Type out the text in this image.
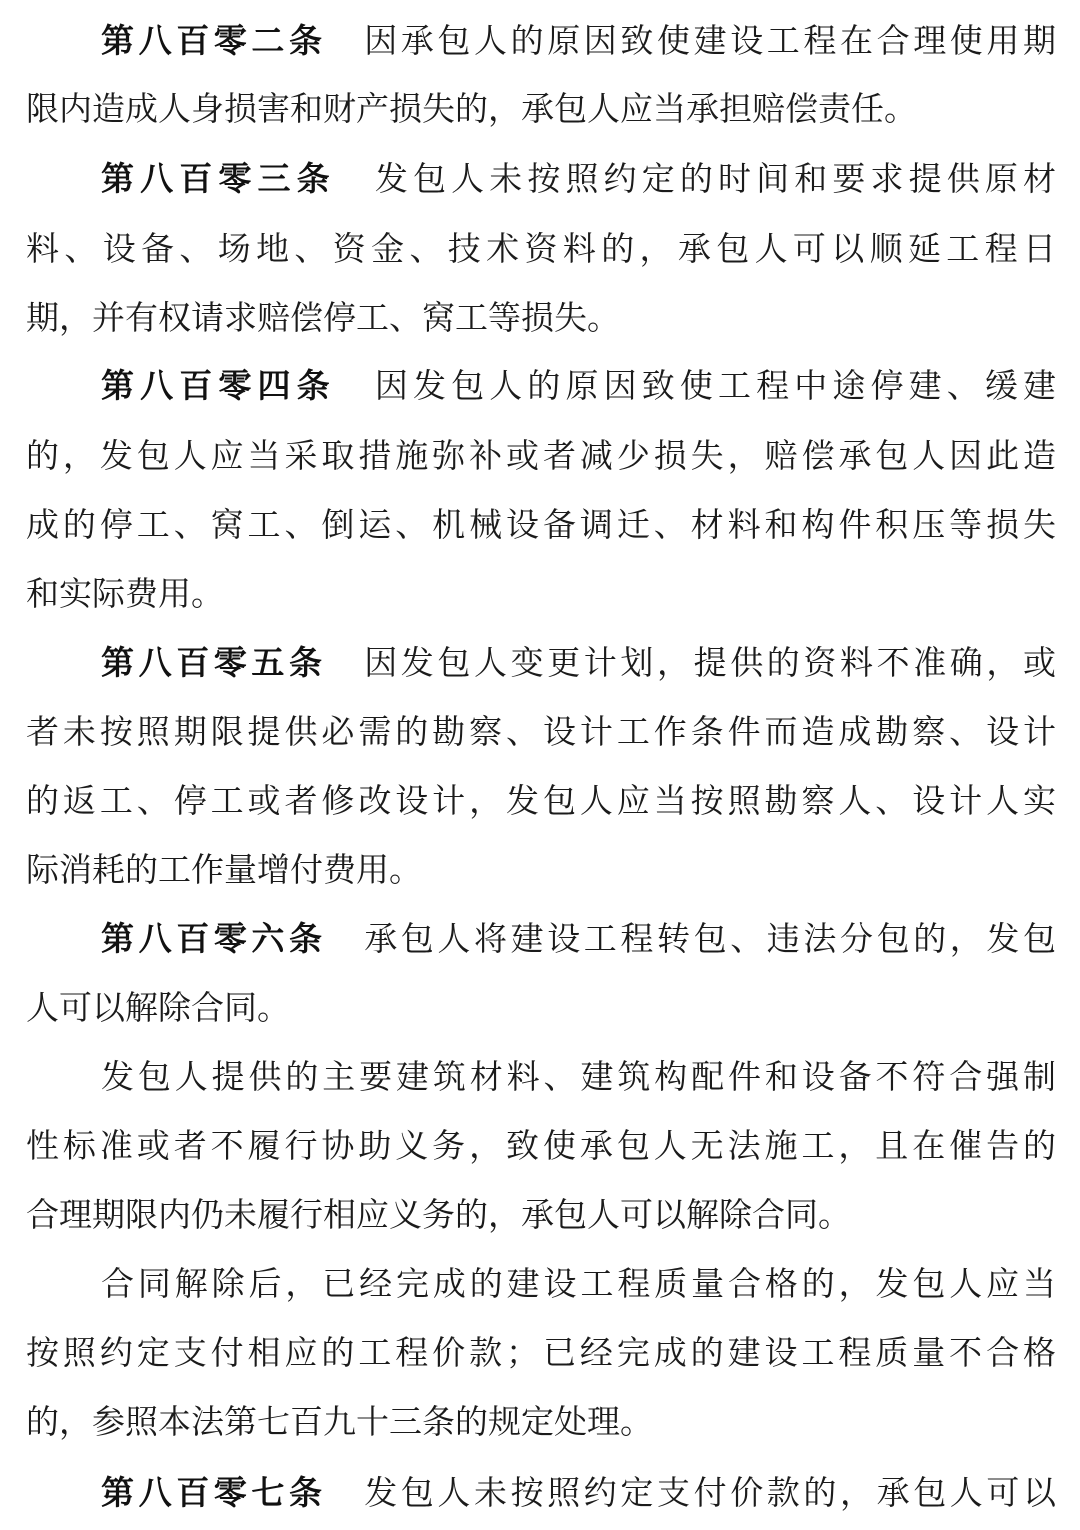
第八百零二条 因承包人的原因致使建设工程在合理使用期
限内造成人身损害和财产损失的，承包人应当承担赔偿责任。
第八百零三条 发包人未按照约定的时间和要求提供原材
料、设备、场地、资金、技术资料的，承包人可以顺延工程日
期，并有权请求赔偿停工、窝工等损失。
第八百零四条 因发包人的原因致使工程中途停建、缓建
的，发包人应当采取措施弥补或者减少损失，赔偿承包人因此造
成的停工、窝工、倒运、机械设备调迁、材料和构件积压等损失
和实际费用。
第八百零五条 因发包人变更计划，提供的资料不准确，或
者未按照期限提供必需的勘察、设计工作条件而造成勘察、设计
的返工、停工或者修改设计，发包人应当按照勘察人、设计人实
际消耗的工作量增付费用。
第八百零六条 承包人将建设工程转包、违法分包的，发包
人可以解除合同。
发包人提供的主要建筑材料、建筑构配件和设备不符合强制
性标准或者不履行协助义务，致使承包人无法施工，且在催告的
合理期限内仍未履行相应义务的，承包人可以解除合同。
合同解除后，已经完成的建设工程质量合格的，发包人应当
按照约定支付相应的工程价款；已经完成的建设工程质量不合格
的，参照本法第七百九十三条的规定处理。
第八百零七条 发包人未按照约定支付价款的，承包人可以
